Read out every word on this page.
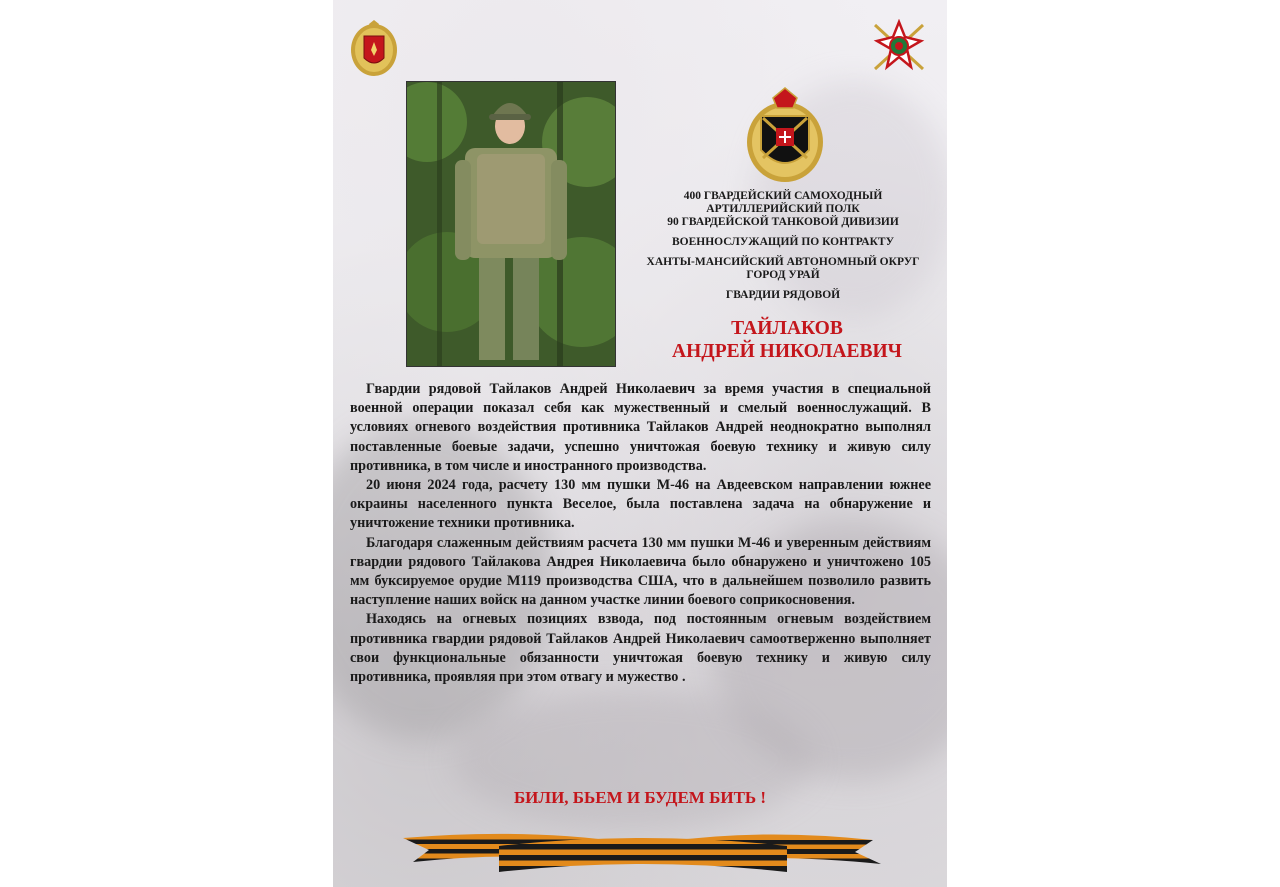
400 ГВАРДЕЙСКИЙ САМОХОДНЫЙ
АРТИЛЛЕРИЙСКИЙ ПОЛК
90 ГВАРДЕЙСКОЙ ТАНКОВОЙ ДИВИЗИИ
ВОЕННОСЛУЖАЩИЙ ПО КОНТРАКТУ
ХАНТЫ-МАНСИЙСКИЙ АВТОНОМНЫЙ ОКРУГ
ГОРОД УРАЙ
ГВАРДИИ РЯДОВОЙ
ТАЙЛАКОВ
АНДРЕЙ НИКОЛАЕВИЧ

Гвардии рядовой Тайлаков Андрей Николаевич за время участия в специальной военной операции показал себя как мужественный и смелый военнослужащий. В условиях огневого воздействия противника Тайлаков Андрей неоднократно выполнял поставленные боевые задачи, успешно уничтожая боевую технику и живую силу противника, в том числе и иностранного производства.

20 июня 2024 года, расчету 130 мм пушки М-46 на Авдеевском направлении южнее окраины населенного пункта Веселое, была поставлена задача на обнаружение и уничтожение техники противника.

Благодаря слаженным действиям расчета 130 мм пушки М-46 и уверенным действиям гвардии рядового Тайлакова Андрея Николаевича было обнаружено и уничтожено 105 мм буксируемое орудие М119 производства США, что в дальнейшем позволило развить наступление наших войск на данном участке линии боевого соприкосновения.

Находясь на огневых позициях взвода, под постоянным огневым воздействием противника гвардии рядовой Тайлаков Андрей Николаевич самоотверженно выполняет свои функциональные обязанности уничтожая боевую технику и живую силу противника, проявляя при этом отвагу и мужество .

БИЛИ, БЬЕМ И БУДЕМ БИТЬ !
